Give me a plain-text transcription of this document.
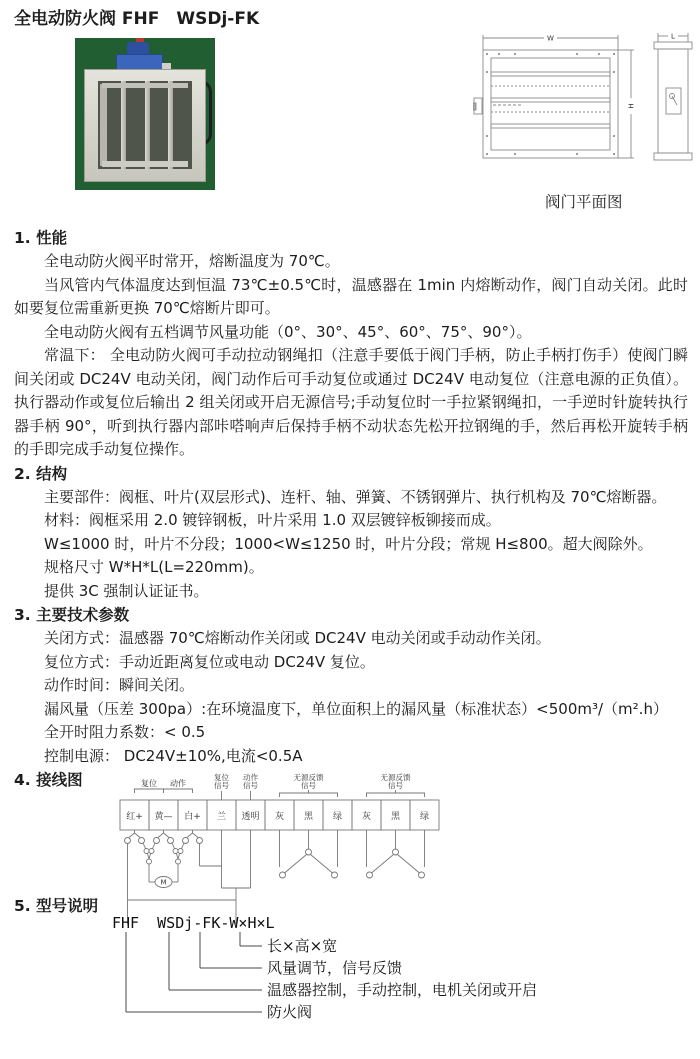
全电动防火阀 FHF　WSDj-FK
W
H
L
阀门平面图
1. 性能

全电动防火阀平时常开，熔断温度为 70℃。

当风管内气体温度达到恒温 73℃±0.5℃时，温感器在 1min 内熔断动作，阀门自动关闭。此时如要复位需重新更换 70℃熔断片即可。

全电动防火阀有五档调节风量功能（0°、30°、45°、60°、75°、90°）。

常温下： 全电动防火阀可手动拉动钢绳扣（注意手要低于阀门手柄，防止手柄打伤手）使阀门瞬间关闭或 DC24V 电动关闭，阀门动作后可手动复位或通过 DC24V 电动复位（注意电源的正负值）。执行器动作或复位后输出 2 组关闭或开启无源信号;手动复位时一手拉紧钢绳扣，一手逆时针旋转执行器手柄 90°，听到执行器内部咔嗒响声后保持手柄不动状态先松开拉钢绳的手，然后再松开旋转手柄的手即完成手动复位操作。

2. 结构

主要部件：阀框、叶片(双层形式)、连杆、轴、弹簧、不锈钢弹片、执行机构及 70℃熔断器。

材料：阀框采用 2.0 镀锌钢板，叶片采用 1.0 双层镀锌板铆接而成。

W≤1000 时，叶片不分段；1000<W≤1250 时，叶片分段；常规 H≤800。超大阀除外。

规格尺寸 W*H*L(L=220mm)。

提供 3C 强制认证证书。

3. 主要技术参数

关闭方式：温感器 70℃熔断动作关闭或 DC24V 电动关闭或手动动作关闭。

复位方式：手动近距离复位或电动 DC24V 复位。

动作时间：瞬间关闭。

漏风量（压差 300pa）:在环境温度下，单位面积上的漏风量（标准状态）<500m³/（m².h）

全开时阻力系数：< 0.5

控制电源： DC24V±10%,电流<0.5A

4. 接线图	复位 动作
复位
信号
动作
信号
无源反馈
信号
无源反馈
信号
红+ 黄— 白+ 兰 透明 灰 黑 绿 灰 黑 绿
M
5. 型号说明
FHF  WSDj-FK-W×H×L
长×高×宽
风量调节，信号反馈
温感器控制，手动控制，电机关闭或开启
防火阀
